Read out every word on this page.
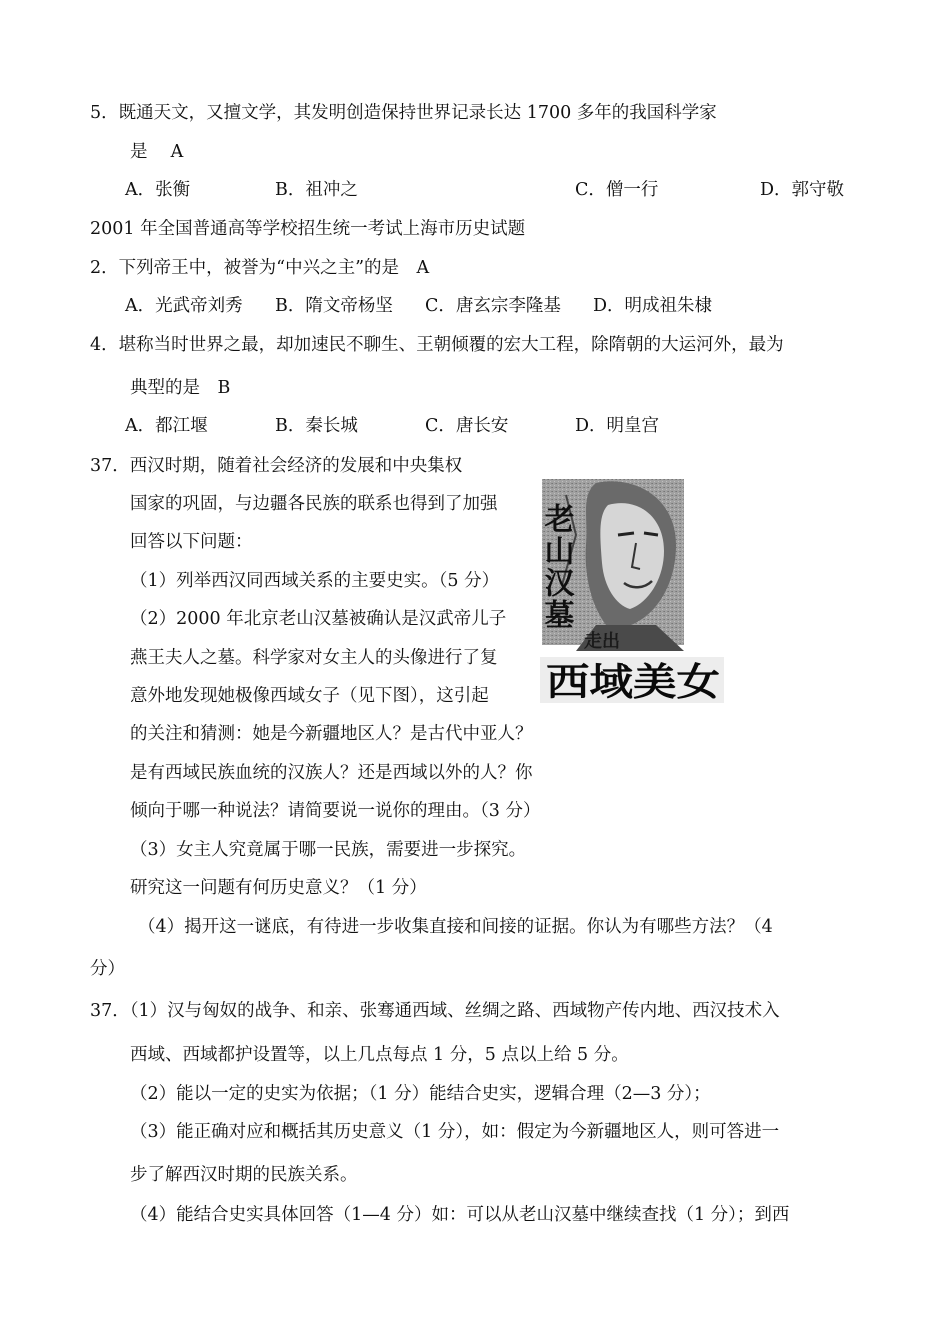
5．既通天文，又擅文学，其发明创造保持世界记录长达 1700 多年的我国科学家

是　 A

A．张衡	B．祖冲之	C．僧一行	D．郭守敬

2001 年全国普通高等学校招生统一考试上海市历史试题

2．下列帝王中，被誉为“中兴之主”的是　A

A．光武帝刘秀 B．隋文帝杨坚 C．唐玄宗李隆基 D．明成祖朱棣

4．堪称当时世界之最，却加速民不聊生、王朝倾覆的宏大工程，除隋朝的大运河外，最为

典型的是　B

A．都江堰	B．秦长城	C．唐长安	D．明皇宫

37．西汉时期，随着社会经济的发展和中央集权

国家的巩固，与边疆各民族的联系也得到了加强

回答以下问题：

（1）列举西汉同西域关系的主要史实。（5 分）

（2）2000 年北京老山汉墓被确认是汉武帝儿子

燕王夫人之墓。科学家对女主人的头像进行了复

意外地发现她极像西域女子（见下图），这引起

的关注和猜测：她是今新疆地区人？是古代中亚人？

是有西域民族血统的汉族人？还是西域以外的人？你

倾向于哪一种说法？请简要说一说你的理由。（3 分）

（3）女主人究竟属于哪一民族，需要进一步探究。

研究这一问题有何历史意义？（1 分）

（4）揭开这一谜底，有待进一步收集直接和间接的证据。你认为有哪些方法？（4

分）

老山汉墓
走出
西域美女

37．（1）汉与匈奴的战争、和亲、张骞通西域、丝绸之路、西域物产传内地、西汉技术入

西域、西域都护设置等，以上几点每点 1 分，5 点以上给 5 分。

（2）能以一定的史实为依据；（1 分）能结合史实，逻辑合理（2—3 分）；

（3）能正确对应和概括其历史意义（1 分），如：假定为今新疆地区人，则可答进一

步了解西汉时期的民族关系。

（4）能结合史实具体回答（1—4 分）如：可以从老山汉墓中继续查找（1 分）；到西
